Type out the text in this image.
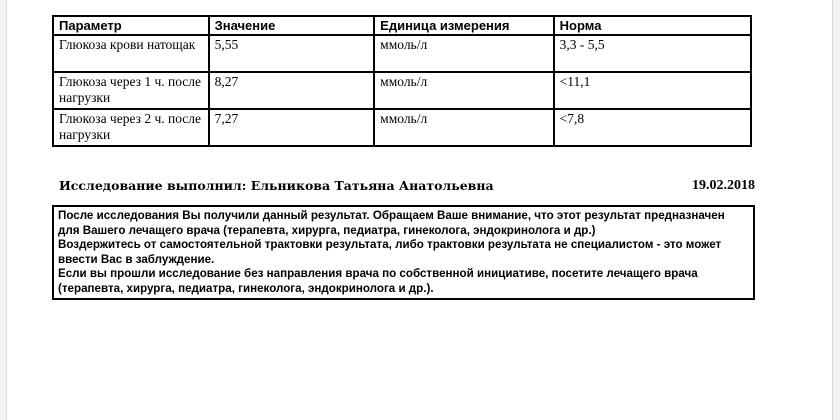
Параметр	Значение	Единица измерения	Норма
Глюкоза крови натощак	5,55	ммоль/л	3,3 - 5,5
Глюкоза через 1 ч. после нагрузки	8,27	ммоль/л	<11,1
Глюкоза через 2 ч. после нагрузки	7,27	ммоль/л	<7,8
Исследование выполнил: Ельникова Татьяна Анатольевна	19.02.2018

После исследования Вы получили данный результат. Обращаем Ваше внимание, что этот результат предназначен для Вашего лечащего врача (терапевта, хирурга, педиатра, гинеколога, эндокринолога и др.)

Воздержитесь от самостоятельной трактовки результата, либо трактовки результата не специалистом - это может ввести Вас в заблуждение.

Если вы прошли исследование без направления врача по собственной инициативе, посетите лечащего врача (терапевта, хирурга, педиатра, гинеколога, эндокринолога и др.).
